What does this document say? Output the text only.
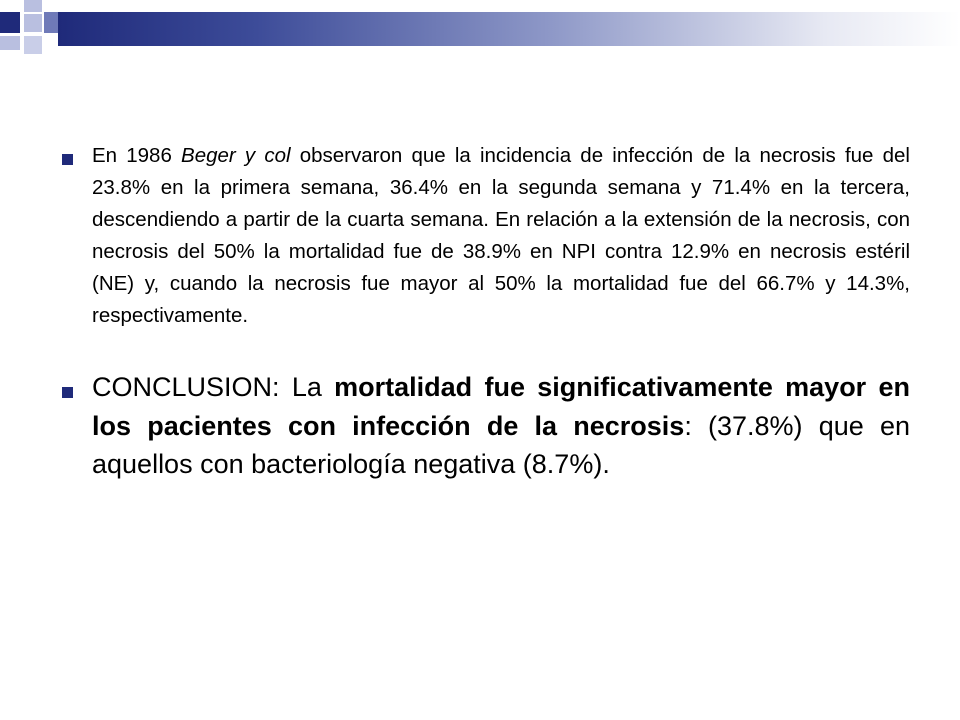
En 1986 Beger y col observaron que la incidencia de infección de la necrosis fue del 23.8% en la primera semana, 36.4% en la segunda semana y 71.4% en la tercera, descendiendo a partir de la cuarta semana. En relación a la extensión de la necrosis, con necrosis del 50% la mortalidad fue de 38.9% en NPI contra 12.9% en necrosis estéril (NE) y, cuando la necrosis fue mayor al 50% la mortalidad fue del 66.7% y 14.3%, respectivamente.

CONCLUSION: La mortalidad fue significativamente mayor en los pacientes con infección de la necrosis: (37.8%) que en aquellos con bacteriología negativa (8.7%).
